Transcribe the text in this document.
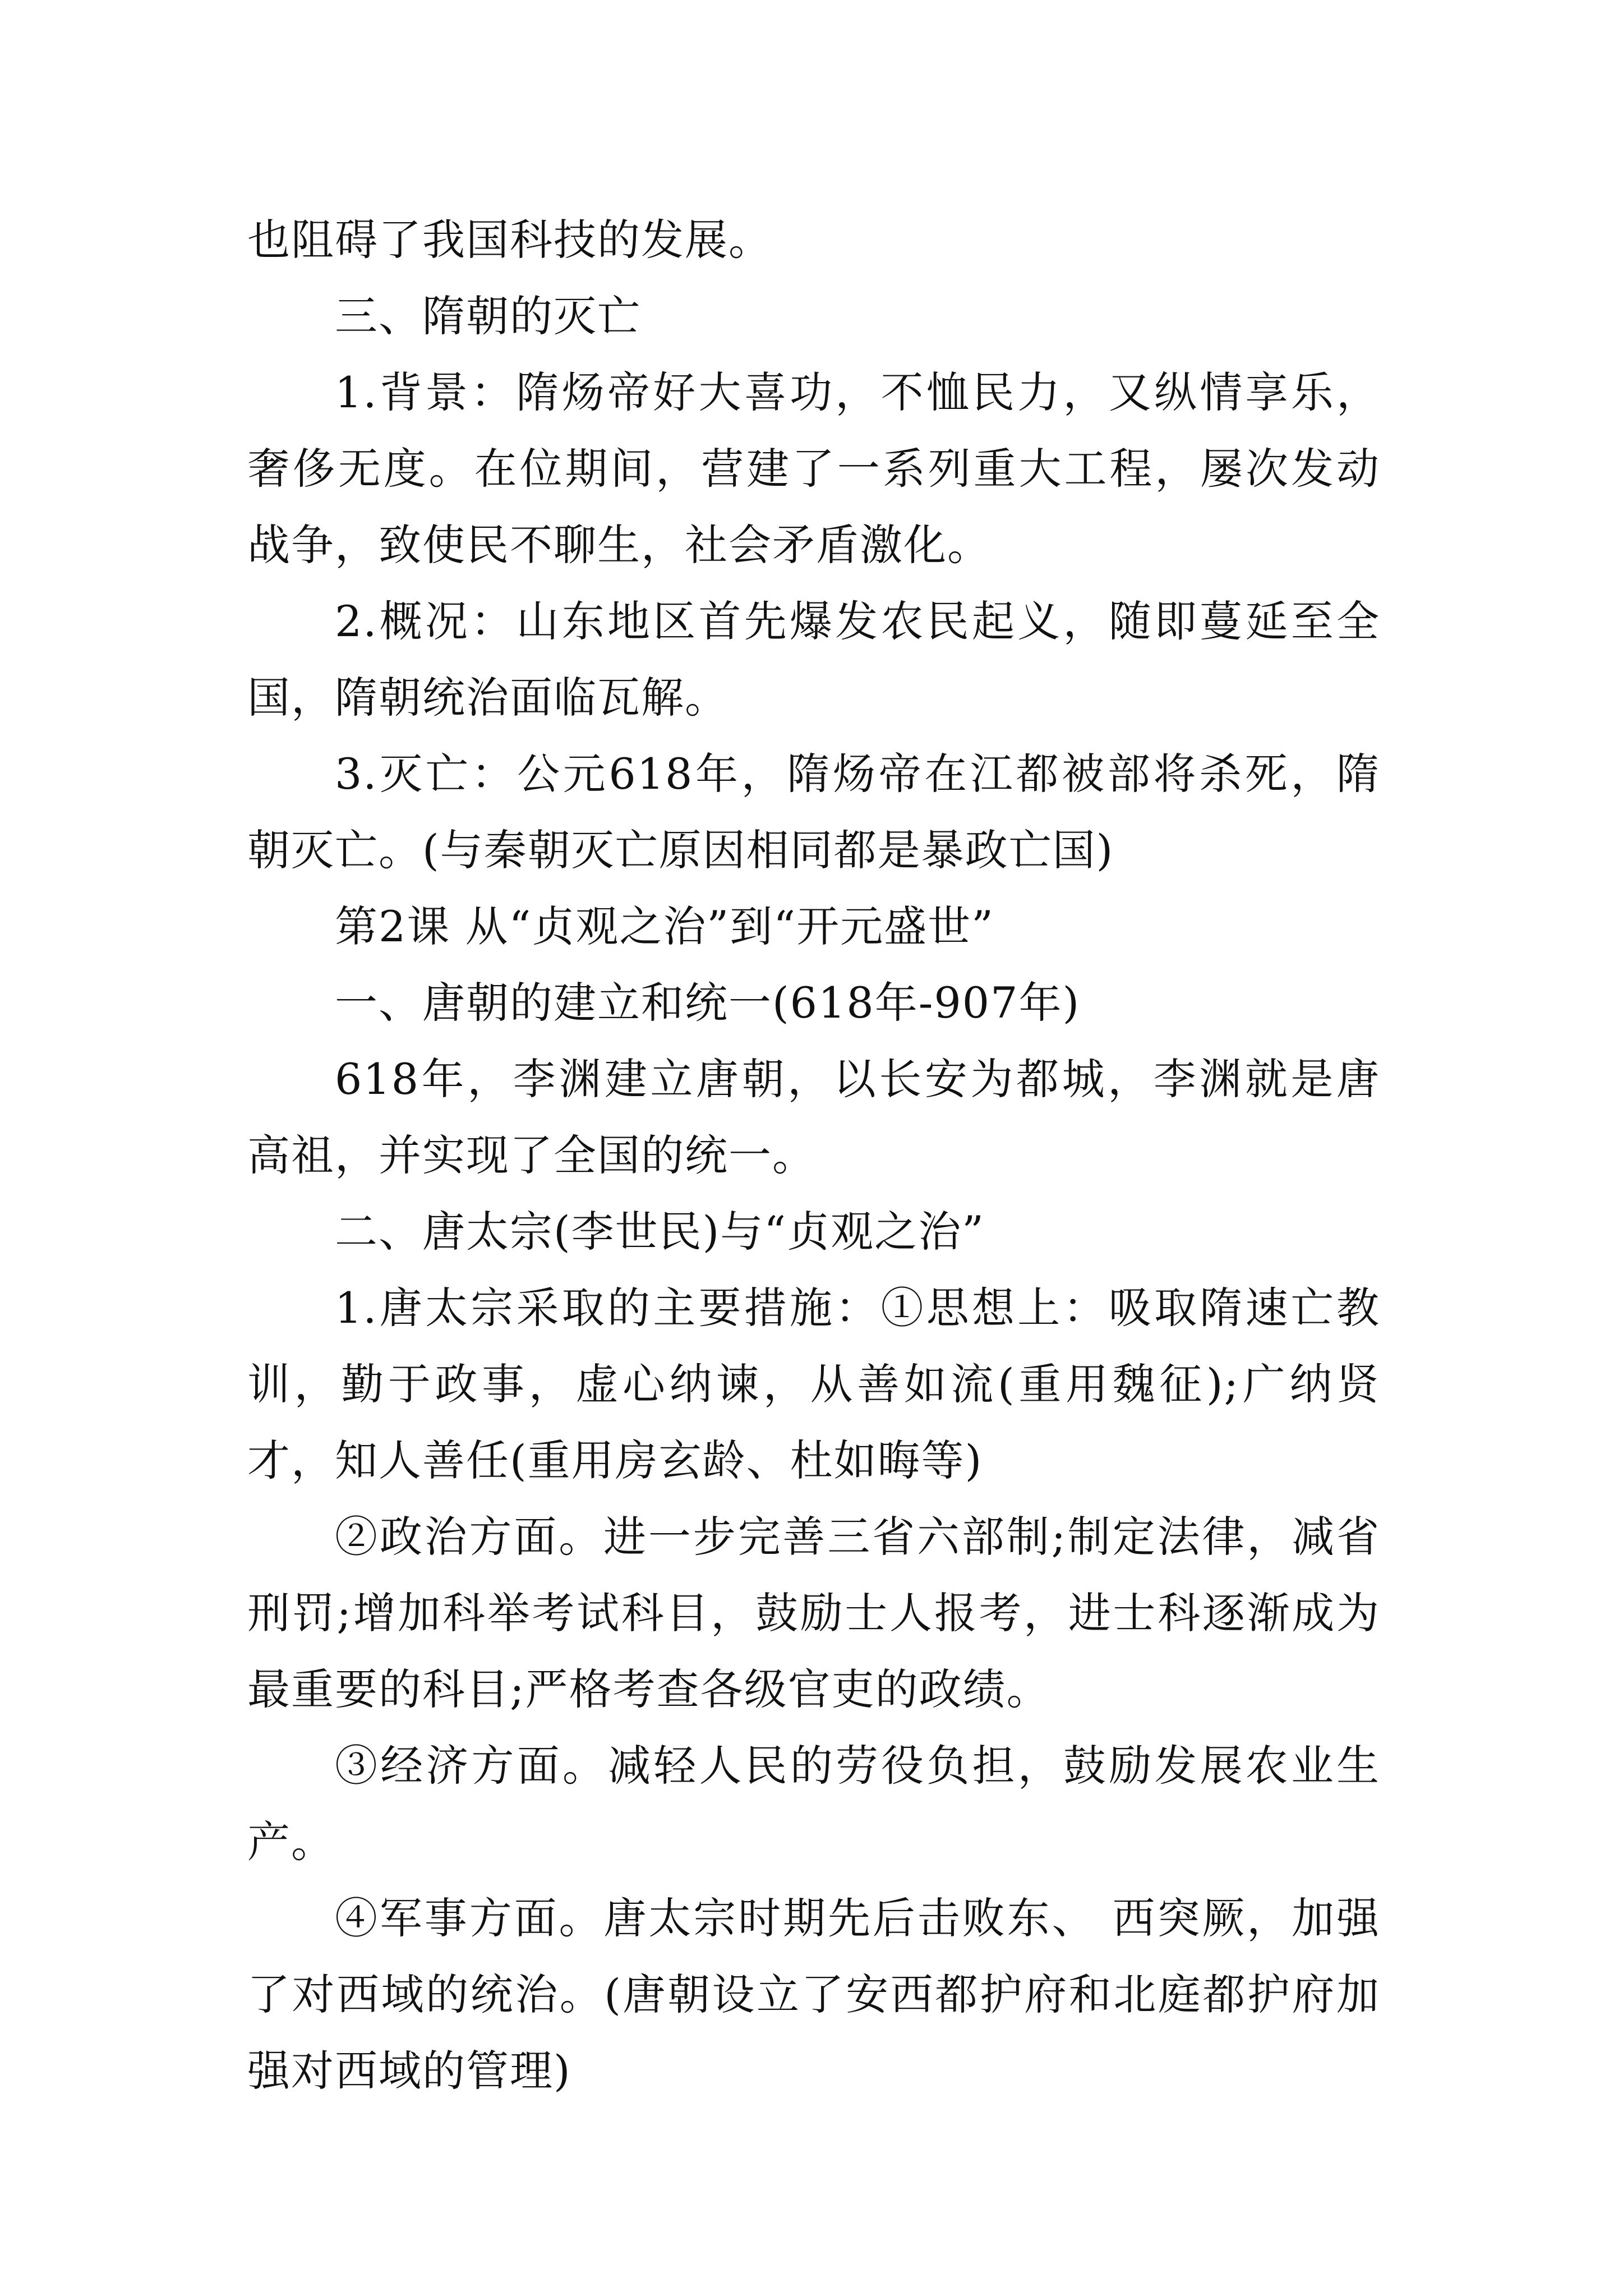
也阻碍了我国科技的发展。

三、隋朝的灭亡

1.背景：隋炀帝好大喜功，不恤民力，又纵情享乐，奢侈无度。在位期间，营建了一系列重大工程，屡次发动战争，致使民不聊生，社会矛盾激化。

2.概况：山东地区首先爆发农民起义，随即蔓延至全国，隋朝统治面临瓦解。

3.灭亡：公元618年，隋炀帝在江都被部将杀死，隋朝灭亡。(与秦朝灭亡原因相同都是暴政亡国)

第2课 从“贞观之治”到“开元盛世”

一、唐朝的建立和统一(618年-907年)

618年，李渊建立唐朝，以长安为都城，李渊就是唐高祖，并实现了全国的统一。

二、唐太宗(李世民)与“贞观之治”

1.唐太宗采取的主要措施：①思想上：吸取隋速亡教训，勤于政事，虚心纳谏，从善如流(重用魏征);广纳贤才，知人善任(重用房玄龄、杜如晦等)

②政治方面。进一步完善三省六部制;制定法律，减省刑罚;增加科举考试科目，鼓励士人报考，进士科逐渐成为最重要的科目;严格考查各级官吏的政绩。

③经济方面。减轻人民的劳役负担，鼓励发展农业生产。

④军事方面。唐太宗时期先后击败东、 西突厥，加强了对西域的统治。(唐朝设立了安西都护府和北庭都护府加强对西域的管理)
